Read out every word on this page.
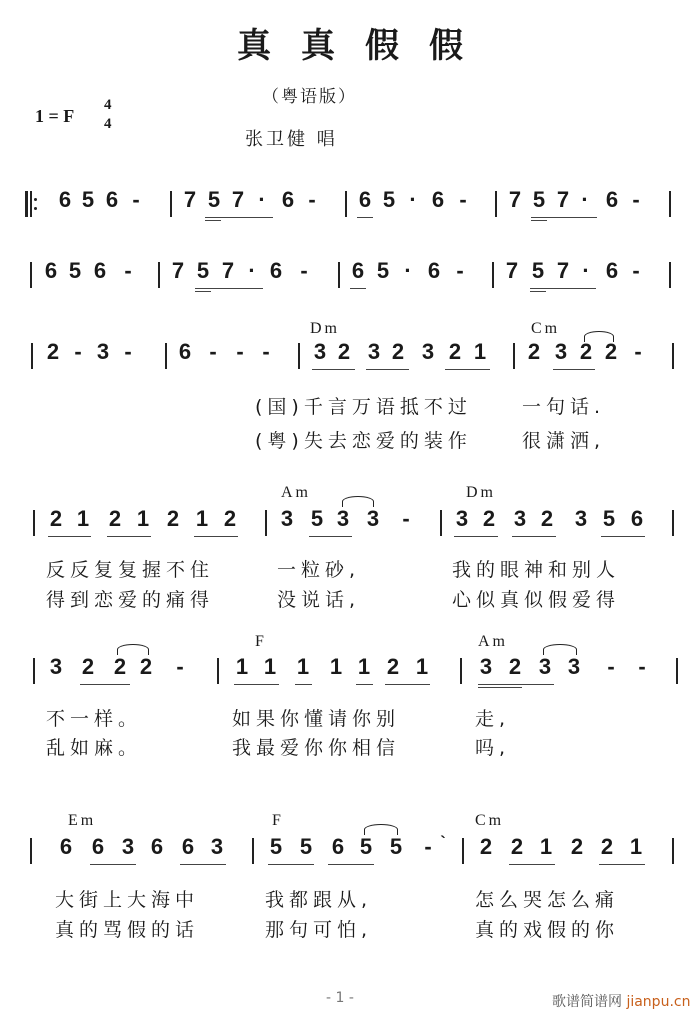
真真假假
（粤语版）
1 = F
4
4
张卫健 唱
6 5 6 - 7 5 7 · 6 - 6 5 · 6 - 7 5 7 · 6 -
6 5 6 - 7 5 7 · 6 - 6 5 · 6 - 7 5 7 · 6 -
Dm	Cm
2 - 3 - 6 - - - 3 2 3 2 3 2 1 2 3 2 2 -
(国)千言万语抵不过	一句话.
(粤)失去恋爱的装作	很潇洒,
Am	Dm
2 1 2 1 2 1 2 3 5 3 3 - 3 2 3 2 3 5 6
反反复复握不住	一粒砂,	我的眼神和别人
得到恋爱的痛得	没说话,	心似真似假爱得
F	Am
3 2 2 2 - 1 1 1 1 1 2 1 3 2 3 3 - -
不一样。	如果你懂请你别	走,
乱如麻。	我最爱你你相信	吗,
Em	F	Cm
6 6 3 6 6 3 5 5 6 5 5 - ` 2 2 1 2 2 1
大街上大海中	我都跟从,	怎么哭怎么痛
真的骂假的话	那句可怕,	真的戏假的你
- 1 -	歌谱简谱网 jianpu.cn
